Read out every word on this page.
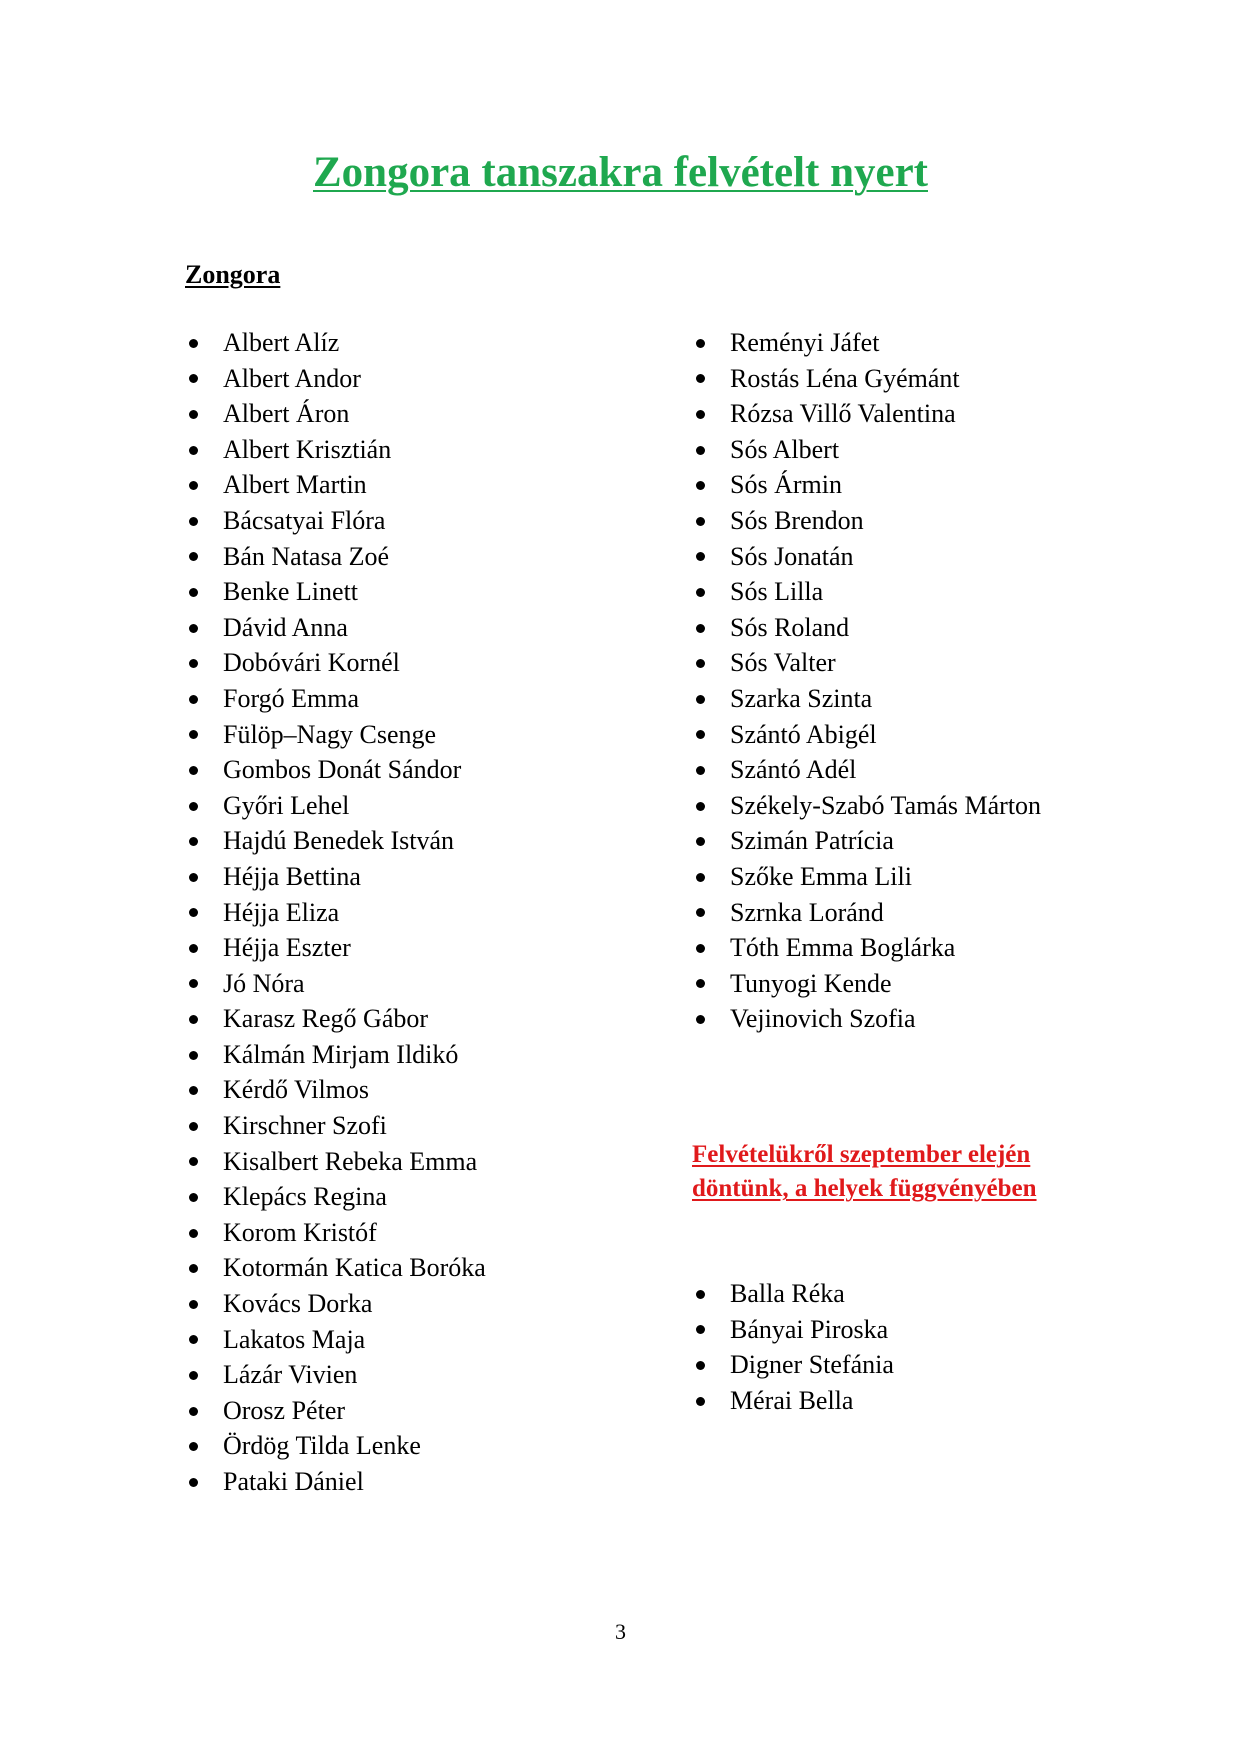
Zongora tanszakra felvételt nyert
Zongora
Albert Alíz
Albert Andor
Albert Áron
Albert Krisztián
Albert Martin
Bácsatyai Flóra
Bán Natasa Zoé
Benke Linett
Dávid Anna
Dobóvári Kornél
Forgó Emma
Fülöp–Nagy Csenge
Gombos Donát Sándor
Győri Lehel
Hajdú Benedek István
Héjja Bettina
Héjja Eliza
Héjja Eszter
Jó Nóra
Karasz Regő Gábor
Kálmán Mirjam Ildikó
Kérdő Vilmos
Kirschner Szofi
Kisalbert Rebeka Emma
Klepács Regina
Korom Kristóf
Kotormán Katica Boróka
Kovács Dorka
Lakatos Maja
Lázár Vivien
Orosz Péter
Ördög Tilda Lenke
Pataki Dániel
Reményi Jáfet
Rostás Léna Gyémánt
Rózsa Villő Valentina
Sós Albert
Sós Ármin
Sós Brendon
Sós Jonatán
Sós Lilla
Sós Roland
Sós Valter
Szarka Szinta
Szántó Abigél
Szántó Adél
Székely-Szabó Tamás Márton
Szimán Patrícia
Szőke Emma Lili
Szrnka Loránd
Tóth Emma Boglárka
Tunyogi Kende
Vejinovich Szofia

Felvételükről szeptember elején döntünk, a helyek függvényében

Balla Réka
Bányai Piroska
Digner Stefánia
Mérai Bella
3
